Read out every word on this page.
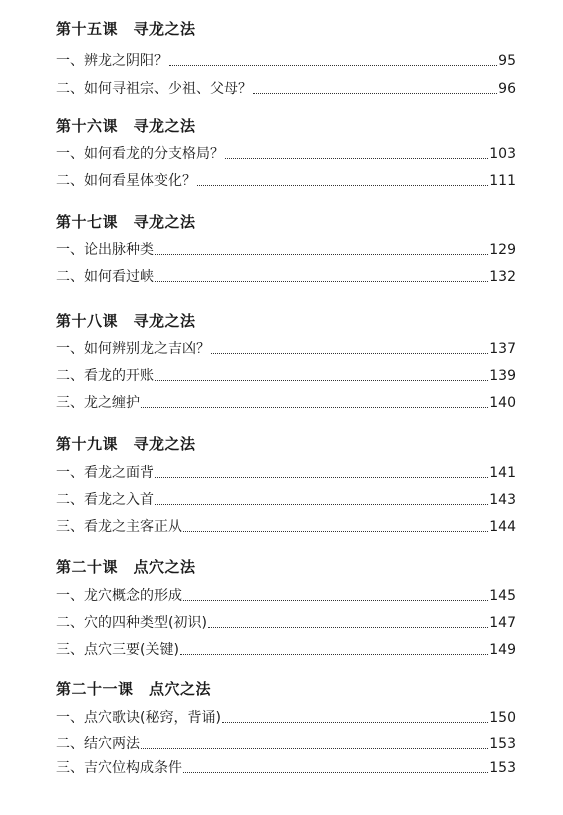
第十五课　寻龙之法
一、辨龙之阴阳？	95
二、如何寻祖宗、少祖、父母？	96
第十六课　寻龙之法
一、如何看龙的分支格局？	103
二、如何看星体变化？	111
第十七课　寻龙之法
一、论出脉种类	129
二、如何看过峡	132
第十八课　寻龙之法
一、如何辨别龙之吉凶？	137
二、看龙的开账	139
三、龙之缠护	140
第十九课　寻龙之法
一、看龙之面背	141
二、看龙之入首	143
三、看龙之主客正从	144
第二十课　点穴之法
一、龙穴概念的形成	145
二、穴的四种类型(初识)	147
三、点穴三要(关键)	149
第二十一课　点穴之法
一、点穴歌诀(秘窍，背诵)	150
二、结穴两法	153
三、吉穴位构成条件	153
